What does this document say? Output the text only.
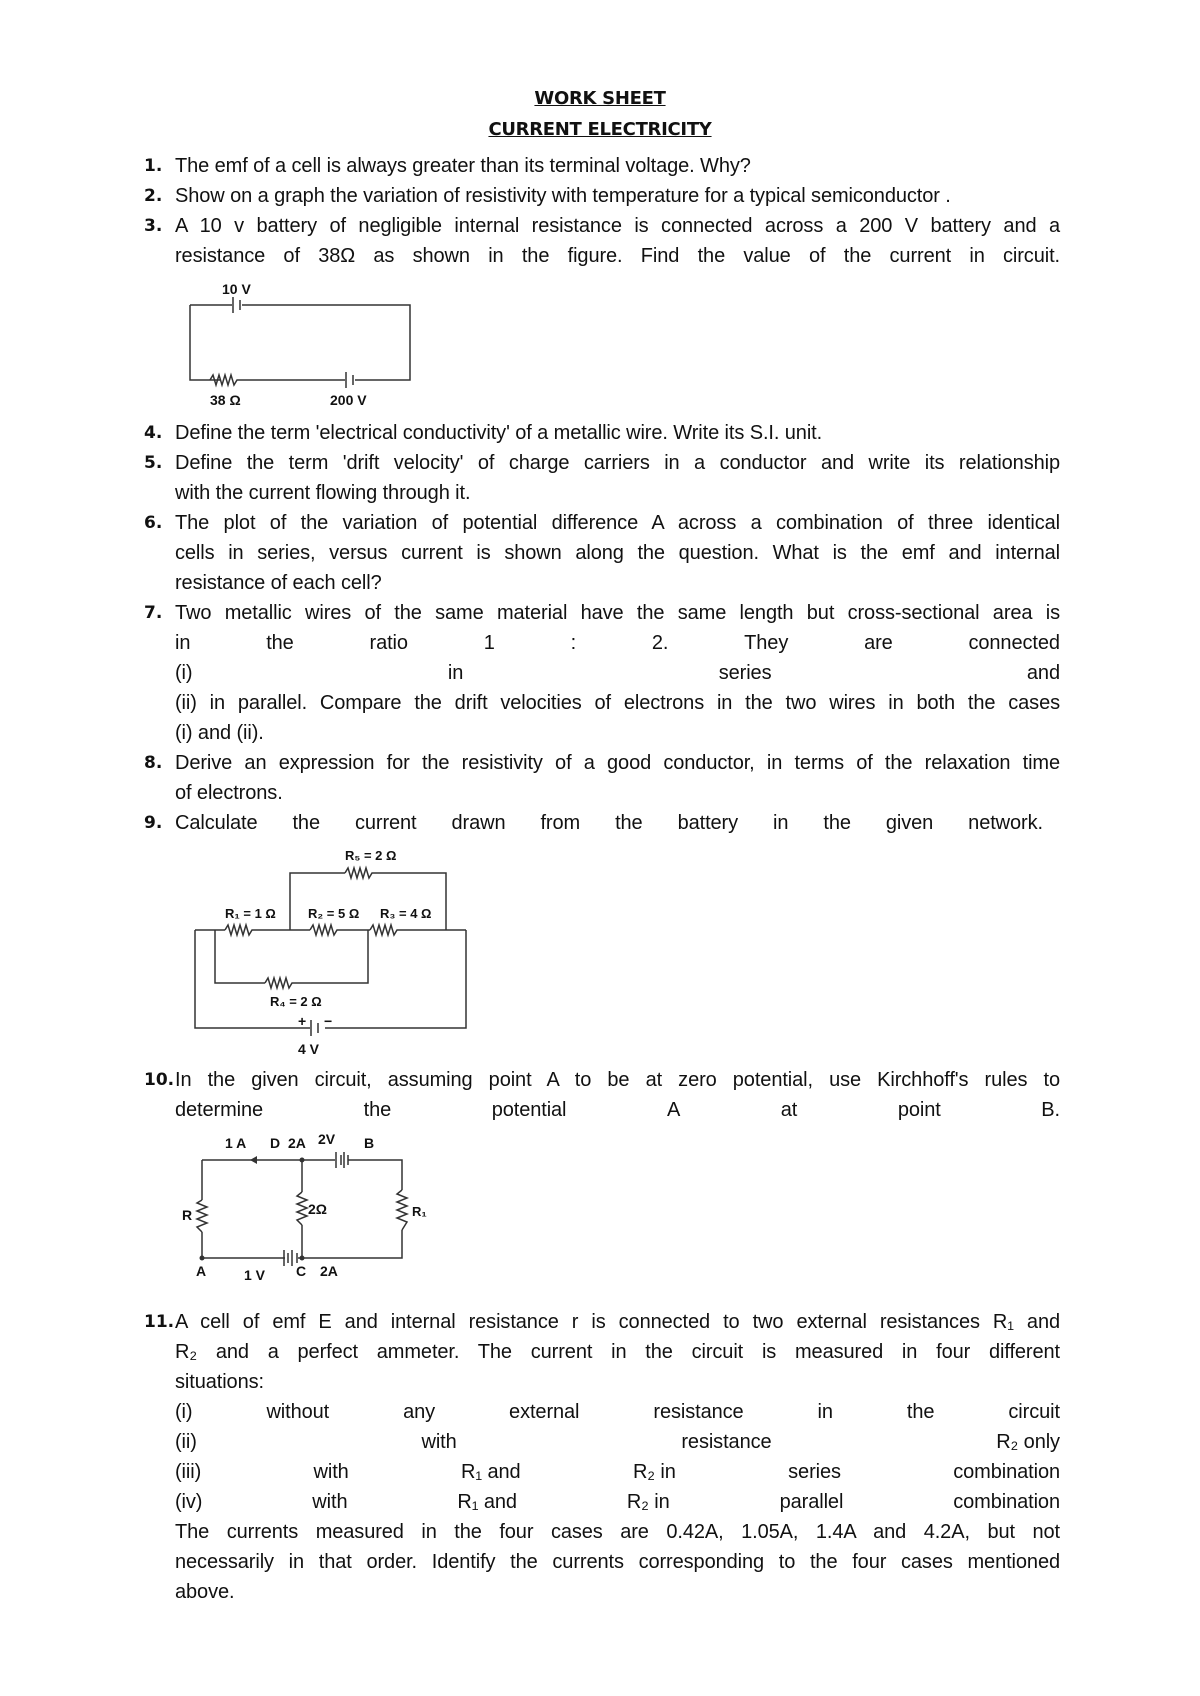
WORK SHEET
CURRENT ELECTRICITY
1. The emf of a cell is always greater than its terminal voltage. Why?
2. Show on a graph the variation of resistivity with temperature for a typical semiconductor .
3. A 10 v battery of negligible internal resistance is connected across a 200 V battery and a
resistance of 38Ω as shown in the figure. Find the value of the current in circuit.
10 V
38 Ω	200 V
4. Define the term 'electrical conductivity' of a metallic wire. Write its S.I. unit.
5. Define the term 'drift velocity' of charge carriers in a conductor and write its relationship
with the current flowing through it.
6. The plot of the variation of potential difference A across a combination of three identical
cells in series, versus current is shown along the question. What is the emf and internal
resistance of each cell?
7. Two metallic wires of the same material have the same length but cross-sectional area is
in	the	ratio	1	:	2.	They	are	connected
(i)	in	series	and
(ii) in parallel. Compare the drift velocities of electrons in the two wires in both the cases
(i) and (ii).
8. Derive an expression for the resistivity of a good conductor, in terms of the relaxation time
of electrons.
9. Calculate the current drawn from the battery in the given network.
R₅ = 2 Ω
R₁ = 1 Ω R₂ = 5 Ω R₃ = 4 Ω
R₄ = 2 Ω
+ −
4 V
10. In the given circuit, assuming point A to be at zero potential, use Kirchhoff's rules to
determine	the	potential	A	at	point	B.
1 A D 2A 2V B
R	2Ω	R₁
A	1 V C 2A
11. A cell of emf E and internal resistance r is connected to two external resistances R₁ and
R₂ and a perfect ammeter. The current in the circuit is measured in four different
situations:
(i)	without	any	external	resistance	in	the	circuit
(ii)	with	resistance	R₂ only
(iii)	with	R₁ and	R₂ in	series	combination
(iv)	with	R₁ and	R₂ in	parallel	combination
The currents measured in the four cases are 0.42A, 1.05A, 1.4A and 4.2A, but not
necessarily in that order. Identify the currents corresponding to the four cases mentioned
above.
